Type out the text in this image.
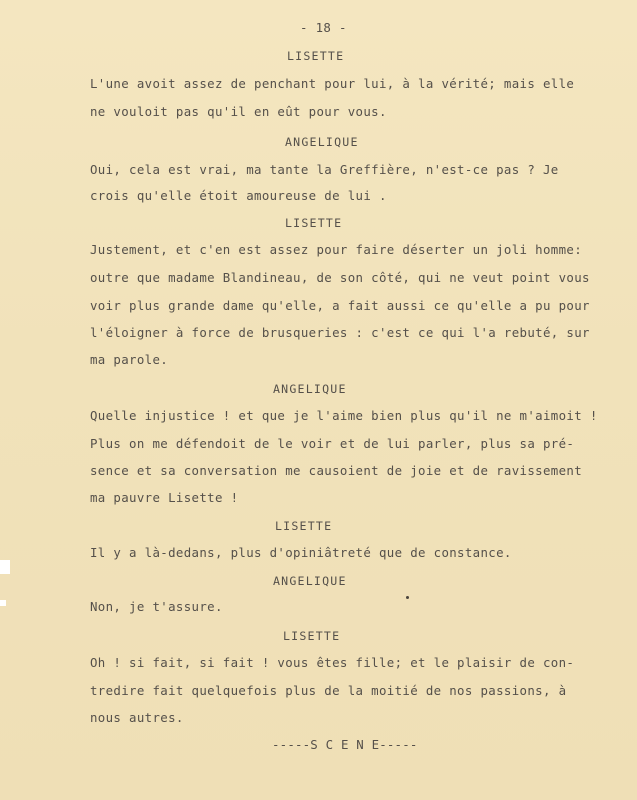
- 18 -
LISETTE
L'une avoit assez de penchant pour lui, à la vérité; mais elle
ne vouloit pas qu'il en eût pour vous.
ANGELIQUE
Oui, cela est vrai, ma tante la Greffière, n'est-ce pas ? Je
crois qu'elle étoit amoureuse de lui .
LISETTE
Justement, et c'en est assez pour faire déserter un joli homme:
outre que madame Blandineau, de son côté, qui ne veut point vous
voir plus grande dame qu'elle, a fait aussi ce qu'elle a pu pour
l'éloigner à force de brusqueries : c'est ce qui l'a rebuté, sur
ma parole.
ANGELIQUE
Quelle injustice ! et que je l'aime bien plus qu'il ne m'aimoit !
Plus on me défendoit de le voir et de lui parler, plus sa pré-
sence et sa conversation me causoient de joie et de ravissement
ma pauvre Lisette !
LISETTE
Il y a là-dedans, plus d'opiniâtreté que de constance.
ANGELIQUE
Non, je t'assure.
LISETTE
Oh ! si fait, si fait ! vous êtes fille; et le plaisir de con-
tredire fait quelquefois plus de la moitié de nos passions, à
nous autres.
-----S C E N E-----
